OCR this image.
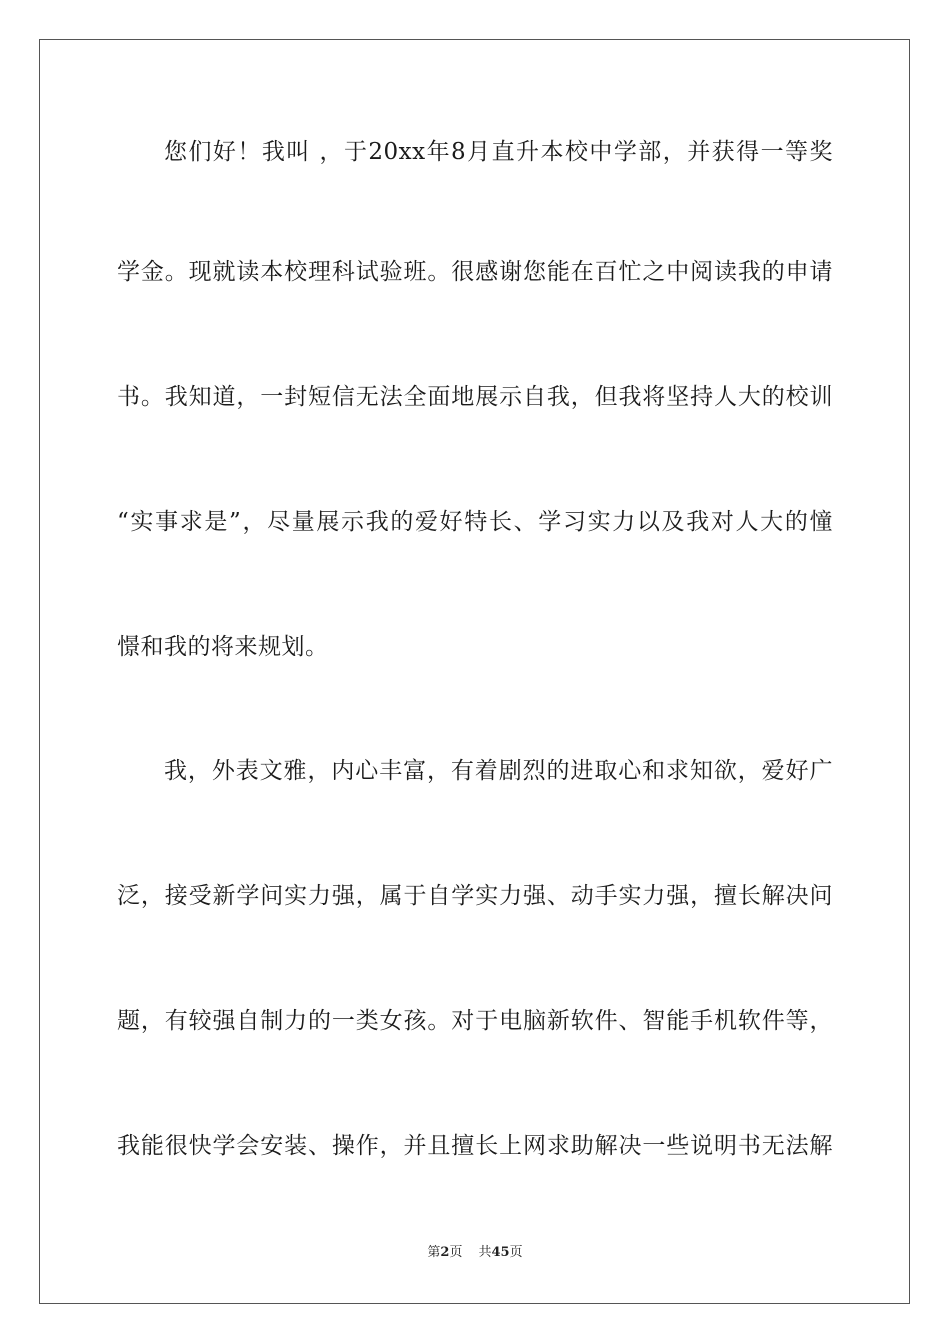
您们好！我叫 ，于20xx年8月直升本校中学部，并获得一等奖
学金。现就读本校理科试验班。很感谢您能在百忙之中阅读我的申请
书。我知道，一封短信无法全面地展示自我，但我将坚持人大的校训
“实事求是”，尽量展示我的爱好特长、学习实力以及我对人大的憧
憬和我的将来规划。
我，外表文雅，内心丰富，有着剧烈的进取心和求知欲，爱好广
泛，接受新学问实力强，属于自学实力强、动手实力强，擅长解决问
题，有较强自制力的一类女孩。对于电脑新软件、智能手机软件等，
我能很快学会安装、操作，并且擅长上网求助解决一些说明书无法解
第2页 共45页
